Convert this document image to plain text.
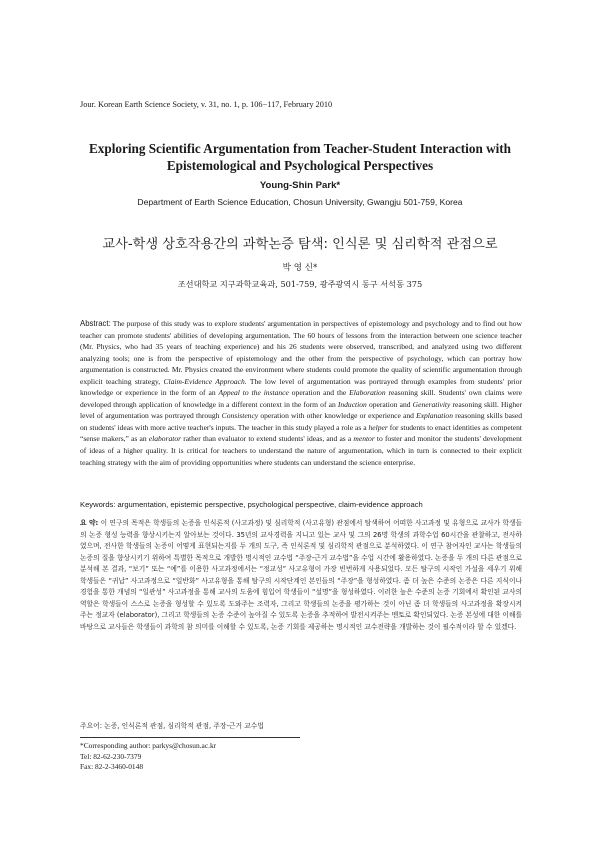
Jour. Korean Earth Science Society, v. 31, no. 1, p. 106−117, February 2010
Exploring Scientific Argumentation from Teacher-Student Interaction with
Epistemological and Psychological Perspectives
Young-Shin Park*
Department of Earth Science Education, Chosun University, Gwangju 501-759, Korea
교사-학생 상호작용간의 과학논증 탐색: 인식론 및 심리학적 관점으로
박 영 신*
조선대학교 지구과학교육과, 501-759, 광주광역시 동구 서석동 375
Abstract: The purpose of this study was to explore students' argumentation in perspectives of epistemology and psychology and to find out how teacher can promote students' abilities of developing argumentation. The 60 hours of lessons from the interaction between one science teacher (Mr. Physics, who had 35 years of teaching experience) and his 26 students were observed, transcribed, and analyzed using two different analyzing tools; one is from the perspective of epistemology and the other from the perspective of psychology, which can portray how argumentation is constructed. Mr. Physics created the environment where students could promote the quality of scientific argumentation through explicit teaching strategy, Claim-Evidence Approach. The low level of argumentation was portrayed through examples from students' prior knowledge or experience in the form of an Appeal to the instance operation and the Elaboration reasoning skill. Students' own claims were developed through application of knowledge in a different context in the form of an Induction operation and Generativity reasoning skill. Higher level of argumentation was portrayed through Consistency operation with other knowledge or experience and Explanation reasoning skills based on students' ideas with more active teacher's inputs. The teacher in this study played a role as a helper for students to enact identities as competent “sense makers,” as an elaborator rather than evaluator to extend students' ideas, and as a mentor to foster and monitor the students' development of ideas of a higher quality. It is critical for teachers to understand the nature of argumentation, which in turn is connected to their explicit teaching strategy with the aim of providing opportunities where students can understand the science enterprise.
Keywords: argumentation, epistemic perspective, psychological perspective, claim-evidence approach
요 약: 이 연구의 목적은 학생들의 논증을 인식론적 (사고과정) 및 심리학적 (사고유형) 관점에서 탐색하여 어떠한 사고과정 및 유형으로 교사가 학생들의 논증 형성 능력을 향상시키는지 알아보는 것이다. 35년의 교사경력을 지니고 있는 교사 및 그의 26명 학생의 과학수업 60시간을 관찰하고, 전사하였으며, 전사한 학생들의 논증이 어떻게 표현되는지를 두 개의 도구, 즉 인식론적 및 심리학적 관점으로 분석하였다. 이 연구 참여자인 교사는 학생들의 논증의 질을 향상시키기 위하여 특별한 목적으로 개발한 명시적인 교수법 “주장-근거 교수법”을 수업 시간에 활용하였다. 논증을 두 개의 다른 관점으로 분석해 본 결과, “보기” 또는 “예”를 이용한 사고과정에서는 “정교성” 사고유형이 가장 빈번하게 사용되었다. 모든 탐구의 시작인 가설을 세우기 위해 학생들은 “귀납” 사고과정으로 “일반화” 사고유형을 통해 탐구의 시작단계인 본인들의 “주장”을 형성하였다. 좀 더 높은 수준의 논증은 다른 지식이나 경험을 통한 개념의 “일관성” 사고과정을 통해 교사의 도움에 힘입어 학생들이 “설명”을 형성하였다. 이러한 높은 수준의 논증 기회에서 확인된 교사의 역할은 학생들이 스스로 논증을 형성할 수 있도록 도와주는 조력자, 그리고 학생들의 논증을 평가하는 것이 아닌 좀 더 학생들의 사고과정을 확장시켜 주는 정교자 (elaborator), 그리고 학생들의 논증 수준이 높아질 수 있도록 논증을 추적하여 발전시켜주는 멘토로 확인되었다. 논증 본성에 대한 이해를 바탕으로 교사들은 학생들이 과학의 참 의미를 이해할 수 있도록, 논증 기회를 제공하는 명시적인 교수전략을 개발하는 것이 필수적이라 할 수 있겠다.
주요어: 논증, 인식론적 관점, 심리학적 관점, 주장-근거 교수법
*Corresponding author: parkys@chosun.ac.kr
Tel: 82-62-230-7379
Fax: 82-2-3460-0148
